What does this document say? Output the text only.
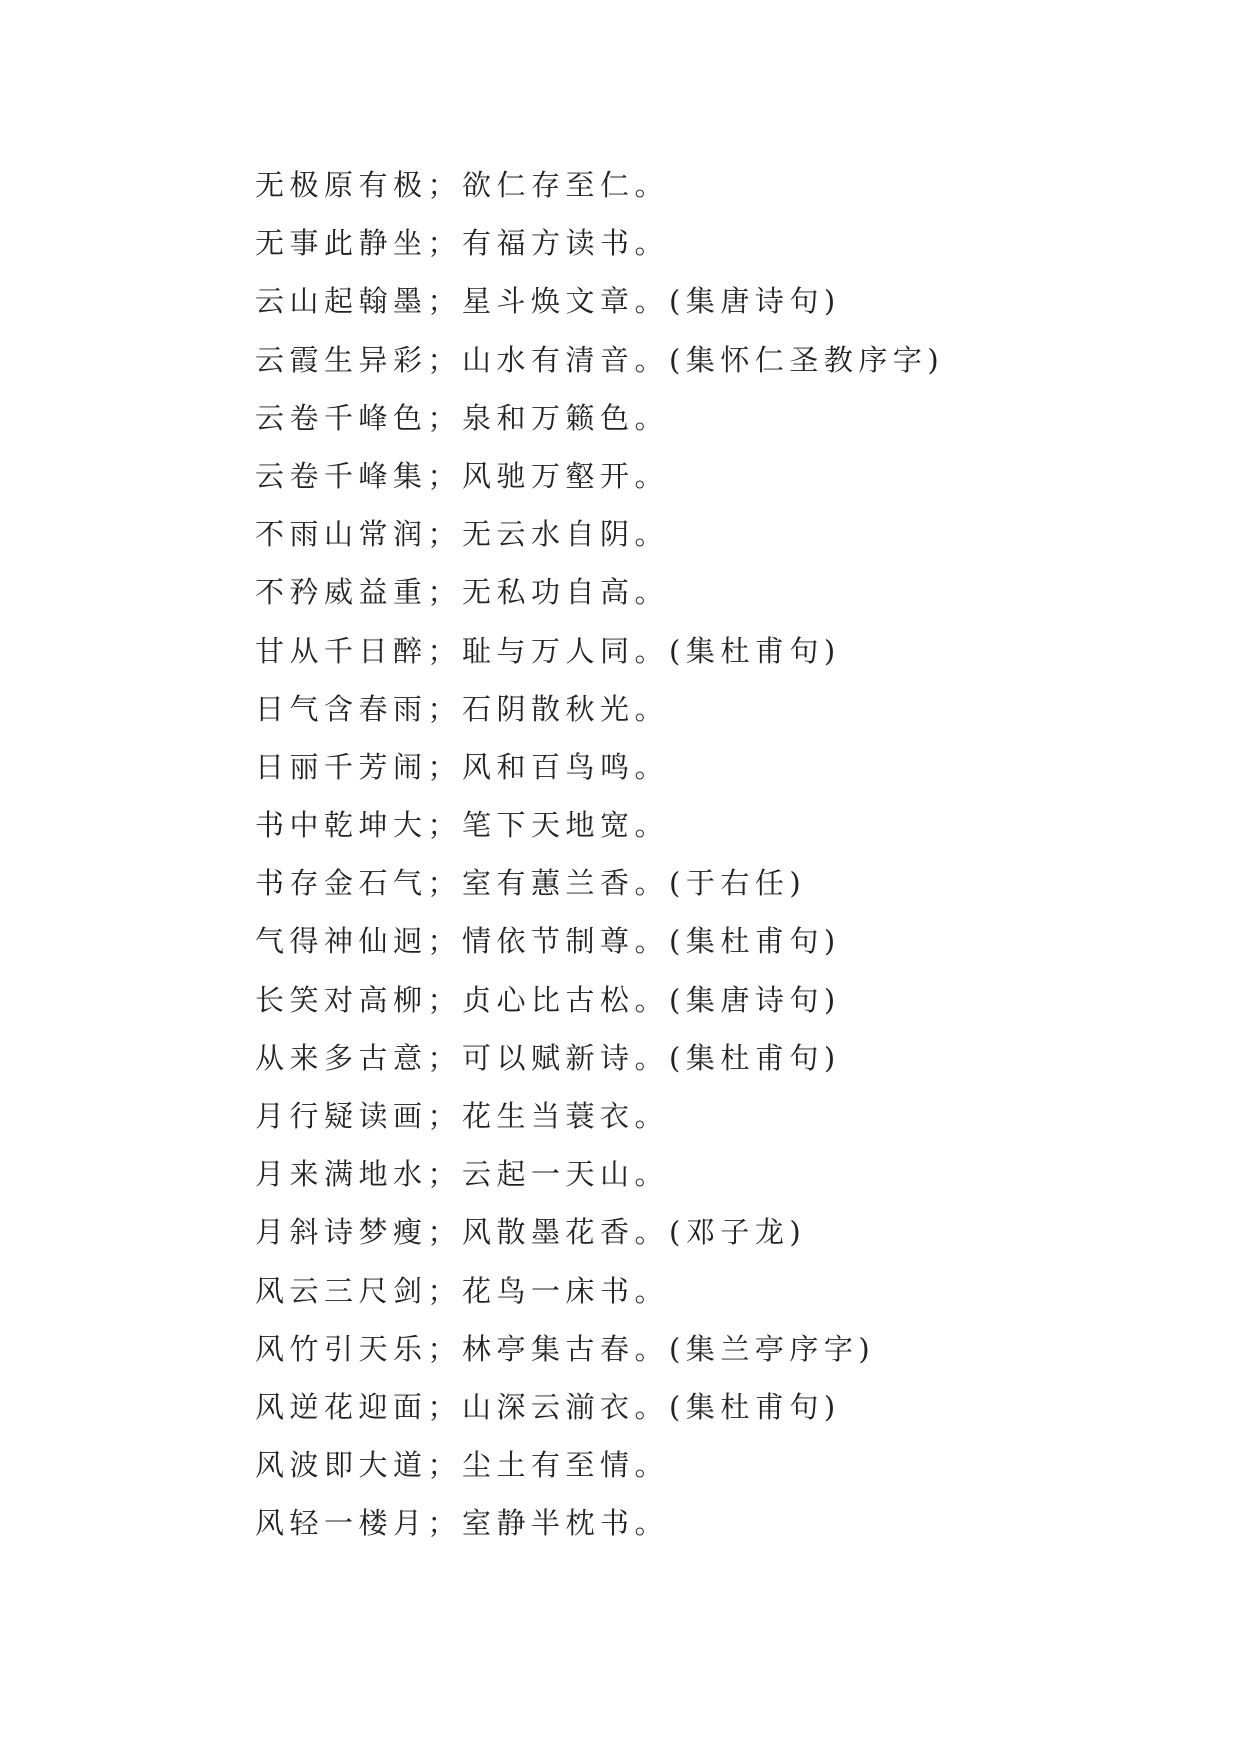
无极原有极；欲仁存至仁。
无事此静坐；有福方读书。
云山起翰墨；星斗焕文章。(集唐诗句)
云霞生异彩；山水有清音。(集怀仁圣教序字)
云卷千峰色；泉和万籁色。
云卷千峰集；风驰万壑开。
不雨山常润；无云水自阴。
不矜威益重；无私功自高。
甘从千日醉；耻与万人同。(集杜甫句)
日气含春雨；石阴散秋光。
日丽千芳闹；风和百鸟鸣。
书中乾坤大；笔下天地宽。
书存金石气；室有蕙兰香。(于右任)
气得神仙迥；情依节制尊。(集杜甫句)
长笑对高柳；贞心比古松。(集唐诗句)
从来多古意；可以赋新诗。(集杜甫句)
月行疑读画；花生当蓑衣。
月来满地水；云起一天山。
月斜诗梦瘦；风散墨花香。(邓子龙)
风云三尺剑；花鸟一床书。
风竹引天乐；林亭集古春。(集兰亭序字)
风逆花迎面；山深云湔衣。(集杜甫句)
风波即大道；尘土有至情。
风轻一楼月；室静半枕书。
